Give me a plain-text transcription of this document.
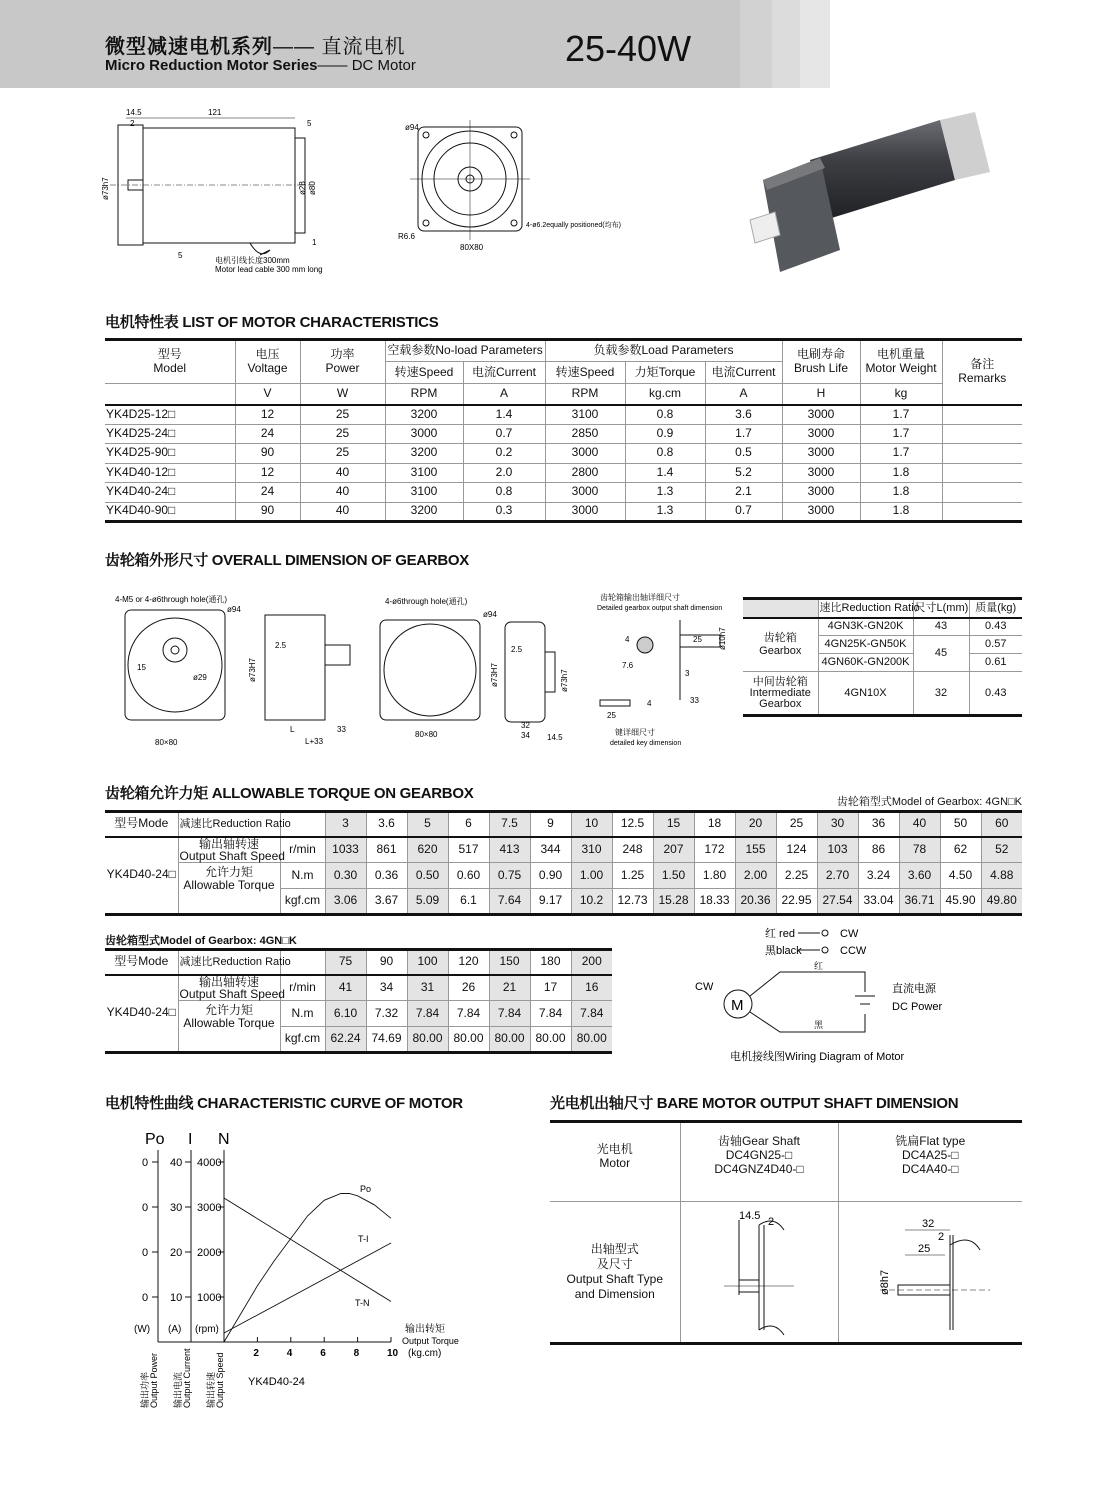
微型减速电机系列—— 直流电机
Micro Reduction Motor Series—— DC Motor	25-40W
14.5	121
5
2
ø73h7	ø28 ø80
5
1
电机引线长度300mm
Motor lead cable 300 mm long
ø94
R6.6
80X80
4-ø6.2equally positioned(均布)
电机特性表 LIST OF MOTOR CHARACTERISTICS
型号
Model	电压
Voltage	功率
Power	空载参数No-load Parameters		负载参数Load Parameters			电刷寿命
Brush Life	电机重量
Motor Weight	备注
Remarks
			转速Speed	电流Current	转速Speed	力矩Torque	电流Current			
	V	W	RPM	A	RPM	kg.cm	A	H	kg	
YK4D25-12□	12	25	3200	1.4	3100	0.8	3.6	3000	1.7	
YK4D25-24□	24	25	3000	0.7	2850	0.9	1.7	3000	1.7	
YK4D25-90□	90	25	3200	0.2	3000	0.8	0.5	3000	1.7	
YK4D40-12□	12	40	3100	2.0	2800	1.4	5.2	3000	1.8	
YK4D40-24□	24	40	3100	0.8	3000	1.3	2.1	3000	1.8	
YK4D40-90□	90	40	3200	0.3	3000	1.3	0.7	3000	1.8	
齿轮箱外形尺寸 OVERALL DIMENSION OF GEARBOX
4-M5 or 4-ø6through hole(通孔)
ø94
15
ø29
2.5
ø73H7
L	33
L+33
80×80
4-ø6through hole(通孔)
ø94
2.5
ø73H7	ø73h7
80×80
32
34 14.5
齿轮箱输出轴详细尺寸
Detailed gearbox output shaft dimension
4
7.6
25 ø10h7
3
33
4
25
键详细尺寸
detailed key dimension
	速比Reduction Ratio	尺寸L(mm)	质量(kg)
齿轮箱
Gearbox	4GN3K-GN20K	43	0.43
	4GN25K-GN50K	45	0.57
	4GN60K-GN200K		0.61
中间齿轮箱
Intermediate
Gearbox	4GN10X	32	0.43
齿轮箱允许力矩 ALLOWABLE TORQUE ON GEARBOX	齿轮箱型式Model of Gearbox: 4GN□K
型号Mode	减速比Reduction Ratio		3	3.6	5	6	7.5	9	10	12.5	15	18	20	25	30	36	40	50	60
YK4D40-24□	输出轴转速
Output Shaft Speed	r/min	1033	861	620	517	413	344	310	248	207	172	155	124	103	86	78	62	52
	允许力矩
Allowable Torque	N.m	0.30	0.36	0.50	0.60	0.75	0.90	1.00	1.25	1.50	1.80	2.00	2.25	2.70	3.24	3.60	4.50	4.88
		kgf.cm	3.06	3.67	5.09	6.1	7.64	9.17	10.2	12.73	15.28	18.33	20.36	22.95	27.54	33.04	36.71	45.90	49.80
齿轮箱型式Model of Gearbox: 4GN□K
型号Mode	减速比Reduction Ratio		75	90	100	120	150	180	200
YK4D40-24□	输出轴转速
Output Shaft Speed	r/min	41	34	31	26	21	17	16
	允许力矩
Allowable Torque	N.m	6.10	7.32	7.84	7.84	7.84	7.84	7.84
		kgf.cm	62.24	74.69	80.00	80.00	80.00	80.00	80.00
红 red
黑black
CW
CCW
CW
M
红
黑
直流电源
DC Power
电机接线图Wiring Diagram of Motor
电机特性曲线 CHARACTERISTIC CURVE OF MOTOR
Po I N
0 40 4000
0 30 3000
0 20 2000
0 10 1000
(W) (A) (rpm)
2	4	6	8	10
输出转矩
Output Torque
(kg.cm)
输出功率 Output Power 输出电流 Output Current 输出转速 Output Speed YK4D40-24
T-N
T-I
Po
光电机出轴尺寸 BARE MOTOR OUTPUT SHAFT DIMENSION
光电机
Motor	齿轴Gear Shaft
DC4GN25-□
DC4GNZ4D40-□	铣扁Flat type
DC4A25-□
DC4A40-□
出轴型式
及尺寸
Output Shaft Type
and Dimension	14.5 2	32
2
25
ø8h7
